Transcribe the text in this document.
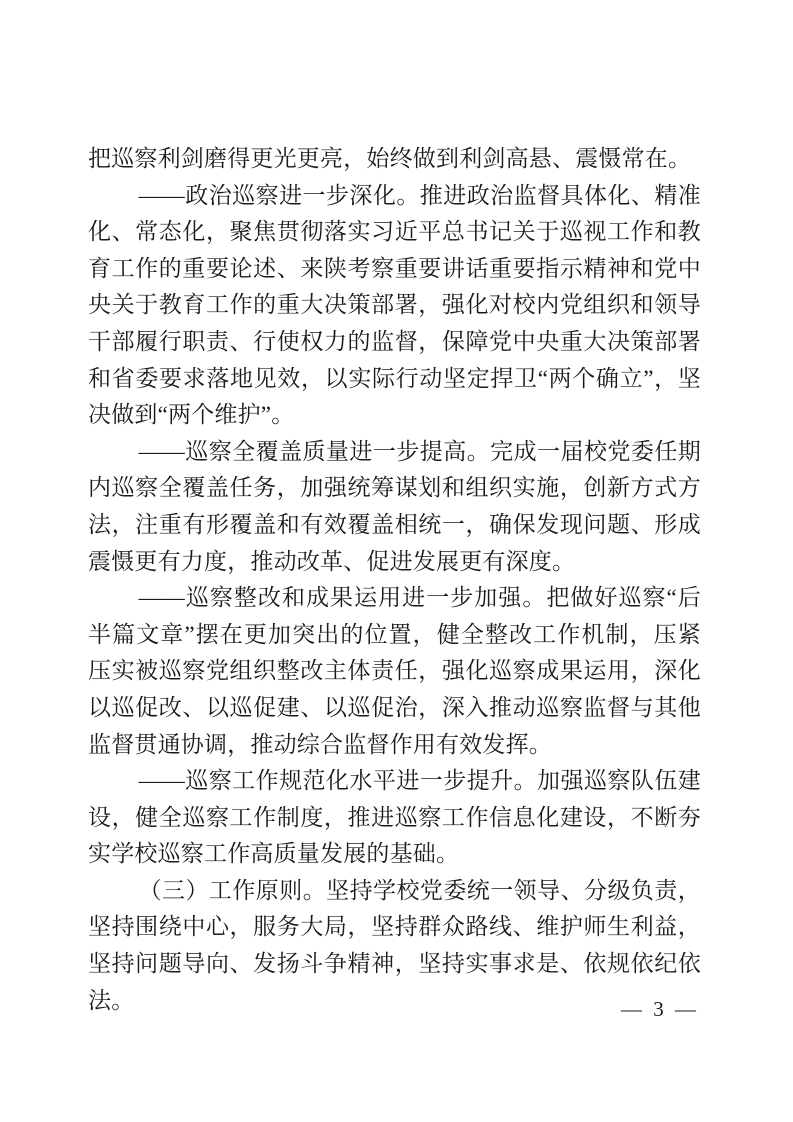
把巡察利剑磨得更光更亮，始终做到利剑高悬、震慑常在。

——政治巡察进一步深化。推进政治监督具体化、精准化、常态化，聚焦贯彻落实习近平总书记关于巡视工作和教育工作的重要论述、来陕考察重要讲话重要指示精神和党中央关于教育工作的重大决策部署，强化对校内党组织和领导干部履行职责、行使权力的监督，保障党中央重大决策部署和省委要求落地见效，以实际行动坚定捍卫“两个确立”，坚决做到“两个维护”。

——巡察全覆盖质量进一步提高。完成一届校党委任期内巡察全覆盖任务，加强统筹谋划和组织实施，创新方式方法，注重有形覆盖和有效覆盖相统一，确保发现问题、形成震慑更有力度，推动改革、促进发展更有深度。

——巡察整改和成果运用进一步加强。把做好巡察“后半篇文章”摆在更加突出的位置，健全整改工作机制，压紧压实被巡察党组织整改主体责任，强化巡察成果运用，深化以巡促改、以巡促建、以巡促治，深入推动巡察监督与其他监督贯通协调，推动综合监督作用有效发挥。

——巡察工作规范化水平进一步提升。加强巡察队伍建设，健全巡察工作制度，推进巡察工作信息化建设，不断夯实学校巡察工作高质量发展的基础。

（三）工作原则。坚持学校党委统一领导、分级负责，坚持围绕中心，服务大局，坚持群众路线、维护师生利益，坚持问题导向、发扬斗争精神，坚持实事求是、依规依纪依法。	— 3 —
